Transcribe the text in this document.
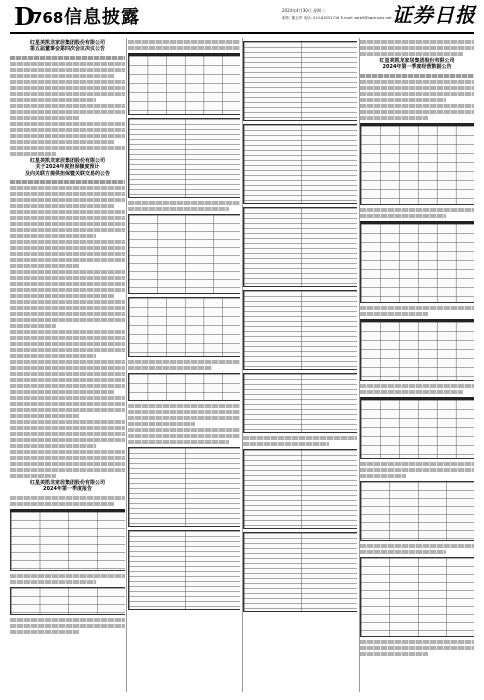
D
768 信息披露	2024年4月30日 星期二
制作: 董玉军 电话: 010-83251716 E-mail: zqrb9@zqrb.sina.net 证券日报
红星美凯龙家居集团股份有限公司
第五届董事会第四次会议决议公告
红星美凯龙家居集团股份有限公司
关于2024年度担保额度预计
及向关联方提供担保暨关联交易的公告
红星美凯龙家居集团股份有限公司
2024年第一季度报告
红星美凯龙家居集团股份有限公司
2024年第一季度经营数据公告
